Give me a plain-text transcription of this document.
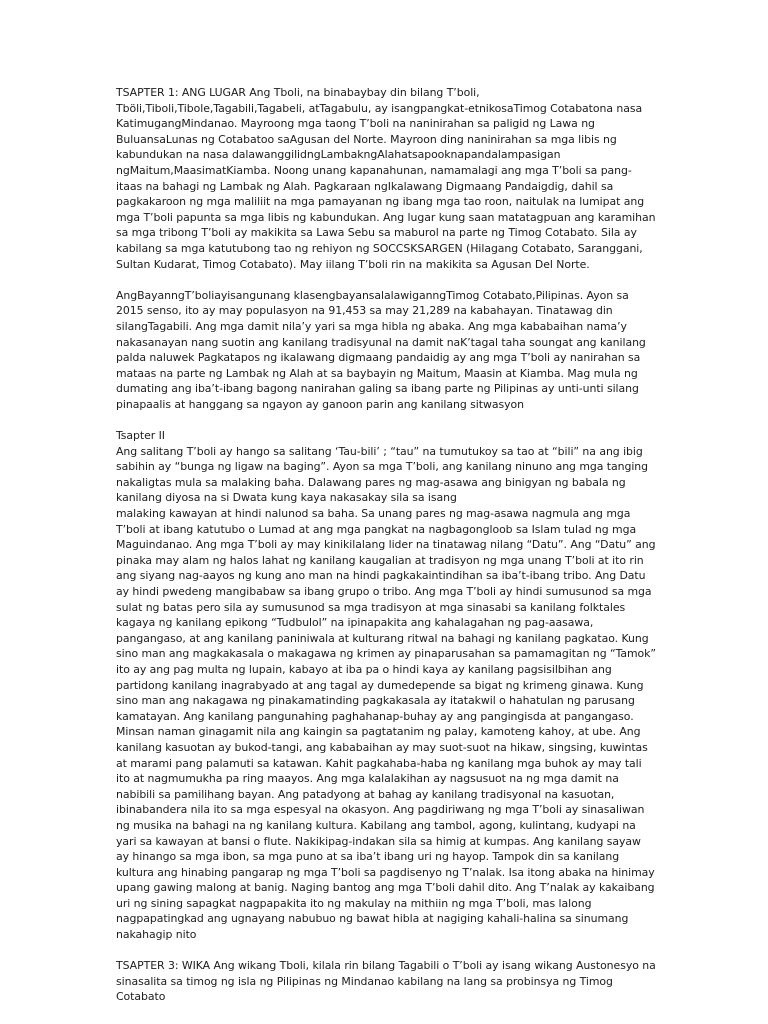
TSAPTER 1: ANG LUGAR Ang Tboli, na binabaybay din bilang T’boli, Tböli,Tiboli,Tibole,Tagabili,Tagabeli, atTagabulu, ay isangpangkat-etnikosaTimog Cotabatona nasa KatimugangMindanao. Mayroong mga taong T’boli na naninirahan sa paligid ng Lawa ng BuluansaLunas ng Cotabatoo saAgusan del Norte. Mayroon ding naninirahan sa mga libis ng kabundukan na nasa dalawanggilidngLambakngAlahatsapooknapandalampasigan ngMaitum,MaasimatKiamba. Noong unang kapanahunan, namamalagi ang mga T’boli sa pang-itaas na bahagi ng Lambak ng Alah. Pagkaraan ngIkalawang Digmaang Pandaigdig, dahil sa pagkakaroon ng mga maliliit na mga pamayanan ng ibang mga tao roon, naitulak na lumipat ang mga T’boli papunta sa mga libis ng kabundukan. Ang lugar kung saan matatagpuan ang karamihan sa mga tribong T’boli ay makikita sa Lawa Sebu sa maburol na parte ng Timog Cotabato. Sila ay kabilang sa mga katutubong tao ng rehiyon ng SOCCSKSARGEN (Hilagang Cotabato, Saranggani, Sultan Kudarat, Timog Cotabato). May iilang T’boli rin na makikita sa Agusan Del Norte.

AngBayanngT’boliayisangunang klasengbayansalalawiganngTimog Cotabato,Pilipinas. Ayon sa 2015 senso, ito ay may populasyon na 91,453 sa may 21,289 na kabahayan. Tinatawag din silangTagabili. Ang mga damit nila’y yari sa mga hibla ng abaka. Ang mga kababaihan nama’y nakasanayan nang suotin ang kanilang tradisyunal na damit naK’tagal taha soungat ang kanilang palda naluwek Pagkatapos ng ikalawang digmaang pandaidig ay ang mga T’boli ay nanirahan sa mataas na parte ng Lambak ng Alah at sa baybayin ng Maitum, Maasin at Kiamba. Mag mula ng dumating ang iba’t-ibang bagong nanirahan galing sa ibang parte ng Pilipinas ay unti-unti silang pinapaalis at hanggang sa ngayon ay ganoon parin ang kanilang sitwasyon

Tsapter II

Ang salitang T’boli ay hango sa salitang ‘Tau-bili’ ; “tau” na tumutukoy sa tao at “bili” na ang ibig sabihin ay “bunga ng ligaw na baging”. Ayon sa mga T’boli, ang kanilang ninuno ang mga tanging nakaligtas mula sa malaking baha. Dalawang pares ng mag-asawa ang binigyan ng babala ng kanilang diyosa na si Dwata kung kaya nakasakay sila sa isang

malaking kawayan at hindi nalunod sa baha. Sa unang pares ng mag-asawa nagmula ang mga T’boli at ibang katutubo o Lumad at ang mga pangkat na nagbagongloob sa Islam tulad ng mga Maguindanao. Ang mga T’boli ay may kinikilalang lider na tinatawag nilang “Datu”. Ang “Datu” ang pinaka may alam ng halos lahat ng kanilang kaugalian at tradisyon ng mga unang T’boli at ito rin ang siyang nag-aayos ng kung ano man na hindi pagkakaintindihan sa iba’t-ibang tribo. Ang Datu ay hindi pwedeng mangibabaw sa ibang grupo o tribo. Ang mga T’boli ay hindi sumusunod sa mga sulat ng batas pero sila ay sumusunod sa mga tradisyon at mga sinasabi sa kanilang folktales kagaya ng kanilang epikong “Tudbulol” na ipinapakita ang kahalagahan ng pag-aasawa, pangangaso, at ang kanilang paniniwala at kulturang ritwal na bahagi ng kanilang pagkatao. Kung sino man ang magkakasala o makagawa ng krimen ay pinaparusahan sa pamamagitan ng “Tamok” ito ay ang pag multa ng lupain, kabayo at iba pa o hindi kaya ay kanilang pagsisilbihan ang partidong kanilang inagrabyado at ang tagal ay dumedepende sa bigat ng krimeng ginawa. Kung sino man ang nakagawa ng pinakamatinding pagkakasala ay itatakwil o hahatulan ng parusang kamatayan. Ang kanilang pangunahing paghahanap-buhay ay ang pangingisda at pangangaso. Minsan naman ginagamit nila ang kaingin sa pagtatanim ng palay, kamoteng kahoy, at ube. Ang kanilang kasuotan ay bukod-tangi, ang kababaihan ay may suot-suot na hikaw, singsing, kuwintas at marami pang palamuti sa katawan. Kahit pagkahaba-haba ng kanilang mga buhok ay may tali ito at nagmumukha pa ring maayos. Ang mga kalalakihan ay nagsusuot na ng mga damit na nabibili sa pamilihang bayan. Ang patadyong at bahag ay kanilang tradisyonal na kasuotan, ibinabandera nila ito sa mga espesyal na okasyon. Ang pagdiriwang ng mga T’boli ay sinasaliwan ng musika na bahagi na ng kanilang kultura. Kabilang ang tambol, agong, kulintang, kudyapi na yari sa kawayan at bansi o flute. Nakikipag-indakan sila sa himig at kumpas. Ang kanilang sayaw ay hinango sa mga ibon, sa mga puno at sa iba’t ibang uri ng hayop. Tampok din sa kanilang kultura ang hinabing pangarap ng mga T’boli sa pagdisenyo ng T’nalak. Isa itong abaka na hinimay upang gawing malong at banig. Naging bantog ang mga T’boli dahil dito. Ang T’nalak ay kakaibang uri ng sining sapagkat nagpapakita ito ng makulay na mithiin ng mga T’boli, mas lalong nagpapatingkad ang ugnayang nabubuo ng bawat hibla at nagiging kahali-halina sa sinumang nakahagip nito

TSAPTER 3: WIKA Ang wikang Tboli, kilala rin bilang Tagabili o T’boli ay isang wikang Austonesyo na sinasalita sa timog ng isla ng Pilipinas ng Mindanao kabilang na lang sa probinsya ng Timog Cotabato
